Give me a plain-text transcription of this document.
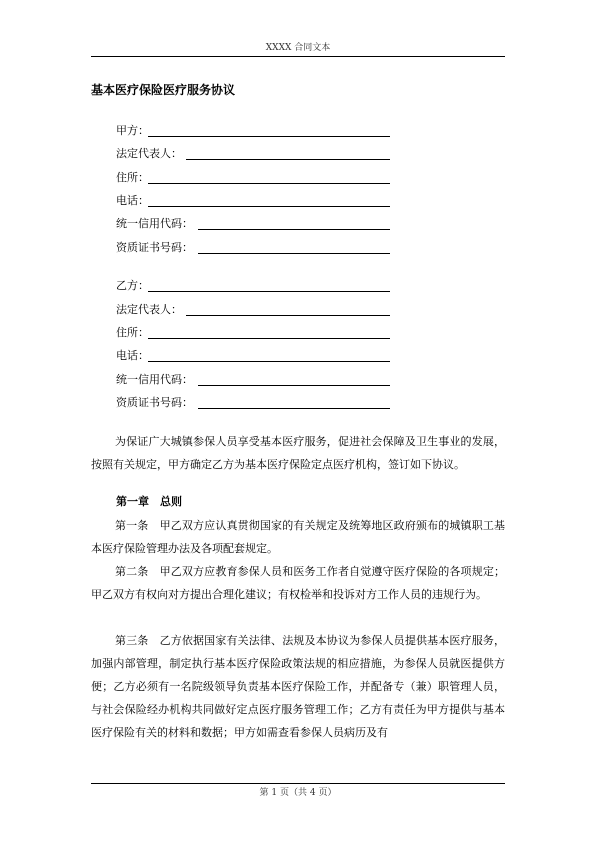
XXXX 合同文本
基本医疗保险医疗服务协议
甲方：
法定代表人：
住所：
电话：
统一信用代码：
资质证书号码：
乙方：
法定代表人：
住所：
电话：
统一信用代码：
资质证书号码：
为保证广大城镇参保人员享受基本医疗服务，促进社会保障及卫生事业的发展，按照有关规定，甲方确定乙方为基本医疗保险定点医疗机构，签订如下协议。
第一章　总则
第一条　甲乙双方应认真贯彻国家的有关规定及统筹地区政府颁布的城镇职工基本医疗保险管理办法及各项配套规定。
第二条　甲乙双方应教育参保人员和医务工作者自觉遵守医疗保险的各项规定；甲乙双方有权向对方提出合理化建议；有权检举和投诉对方工作人员的违规行为。
第三条　乙方依据国家有关法律、法规及本协议为参保人员提供基本医疗服务，加强内部管理，制定执行基本医疗保险政策法规的相应措施，为参保人员就医提供方便；乙方必须有一名院级领导负责基本医疗保险工作，并配备专（兼）职管理人员，与社会保险经办机构共同做好定点医疗服务管理工作；乙方有责任为甲方提供与基本医疗保险有关的材料和数据；甲方如需查看参保人员病历及有
第 1 页（共 4 页）
